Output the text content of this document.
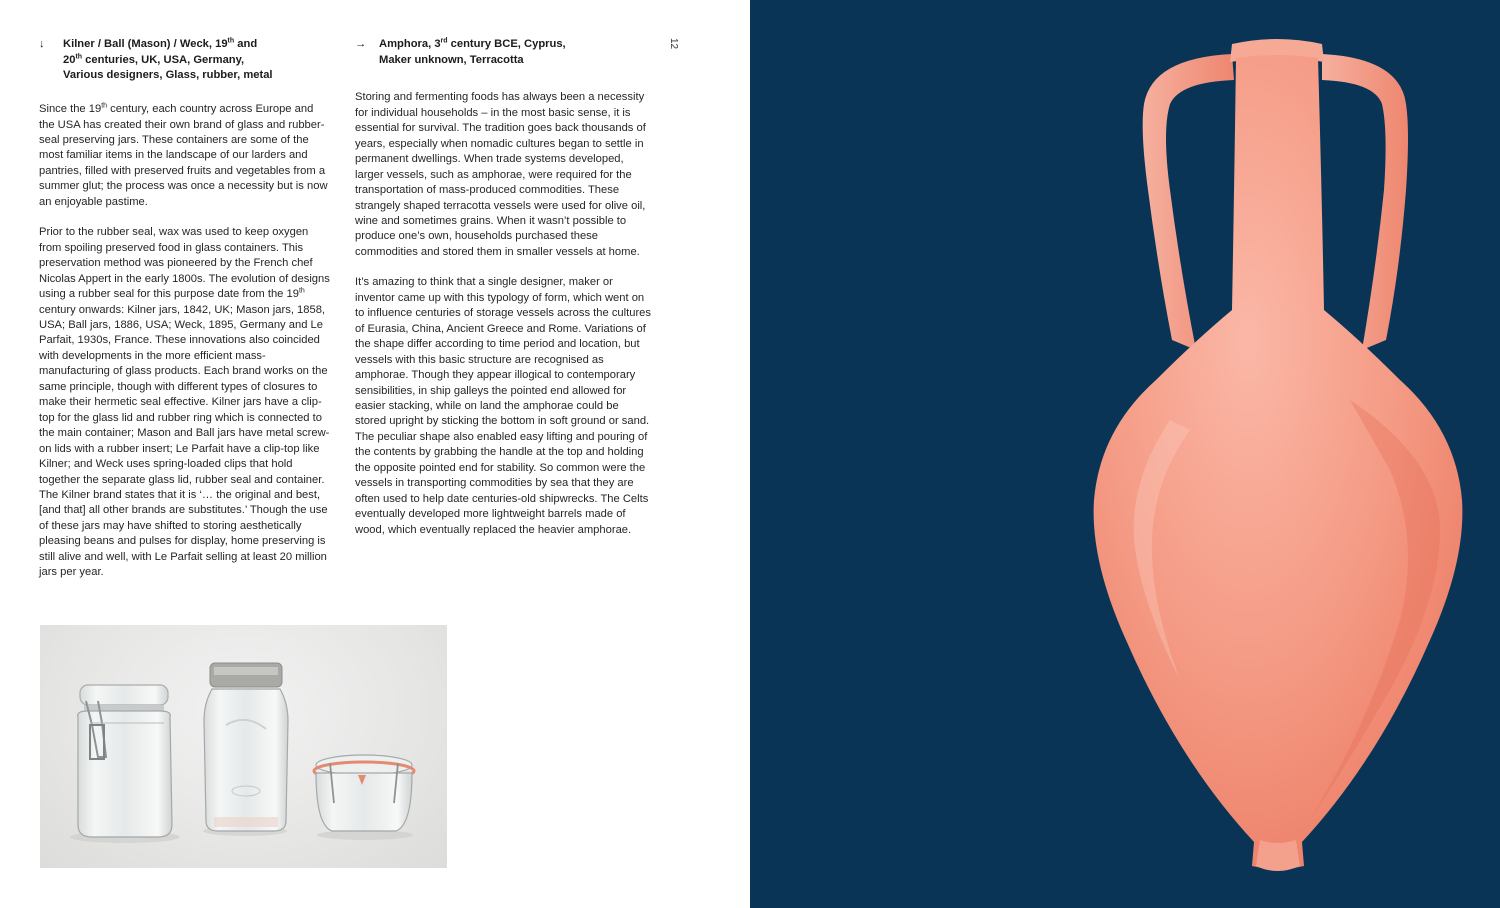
↓ Kilner / Ball (Mason) / Weck, 19th and
20th centuries, UK, USA, Germany,
Various designers, Glass, rubber, metal

Since the 19th century, each country across Europe and the USA has created their own brand of glass and rubber-seal preserving jars. These containers are some of the most familiar items in the landscape of our larders and pantries, filled with preserved fruits and vegetables from a summer glut; the process was once a necessity but is now an enjoyable pastime.

Prior to the rubber seal, wax was used to keep oxygen from spoiling preserved food in glass containers. This preservation method was pioneered by the French chef Nicolas Appert in the early 1800s. The evolution of designs using a rubber seal for this purpose date from the 19th century onwards: Kilner jars, 1842, UK; Mason jars, 1858, USA; Ball jars, 1886, USA; Weck, 1895, Germany and Le Parfait, 1930s, France. These innovations also coincided with developments in the more efficient mass-manufacturing of glass products. Each brand works on the same principle, though with different types of closures to make their hermetic seal effective. Kilner jars have a clip-top for the glass lid and rubber ring which is connected to the main container; Mason and Ball jars have metal screw-on lids with a rubber insert; Le Parfait have a clip-top like Kilner; and Weck uses spring-loaded clips that hold together the separate glass lid, rubber seal and container. The Kilner brand states that it is ‘… the original and best, [and that] all other brands are substitutes.’ Though the use of these jars may have shifted to storing aesthetically pleasing beans and pulses for display, home preserving is still alive and well, with Le Parfait selling at least 20 million jars per year.

→ Amphora, 3rd century BCE, Cyprus,
Maker unknown, Terracotta

Storing and fermenting foods has always been a necessity for individual households – in the most basic sense, it is essential for survival. The tradition goes back thousands of years, especially when nomadic cultures began to settle in permanent dwellings. When trade systems developed, larger vessels, such as amphorae, were required for the transportation of mass-produced commodities. These strangely shaped terracotta vessels were used for olive oil, wine and sometimes grains. When it wasn’t possible to produce one’s own, households purchased these commodities and stored them in smaller vessels at home.

It’s amazing to think that a single designer, maker or inventor came up with this typology of form, which went on to influence centuries of storage vessels across the cultures of Eurasia, China, Ancient Greece and Rome. Variations of the shape differ according to time period and location, but vessels with this basic structure are recognised as amphorae. Though they appear illogical to contemporary sensibilities, in ship galleys the pointed end allowed for easier stacking, while on land the amphorae could be stored upright by sticking the bottom in soft ground or sand. The peculiar shape also enabled easy lifting and pouring of the contents by grabbing the handle at the top and holding the opposite pointed end for stability. So common were the vessels in transporting commodities by sea that they are often used to help date centuries-old shipwrecks. The Celts eventually developed more lightweight barrels made of wood, which eventually replaced the heavier amphorae.

12
